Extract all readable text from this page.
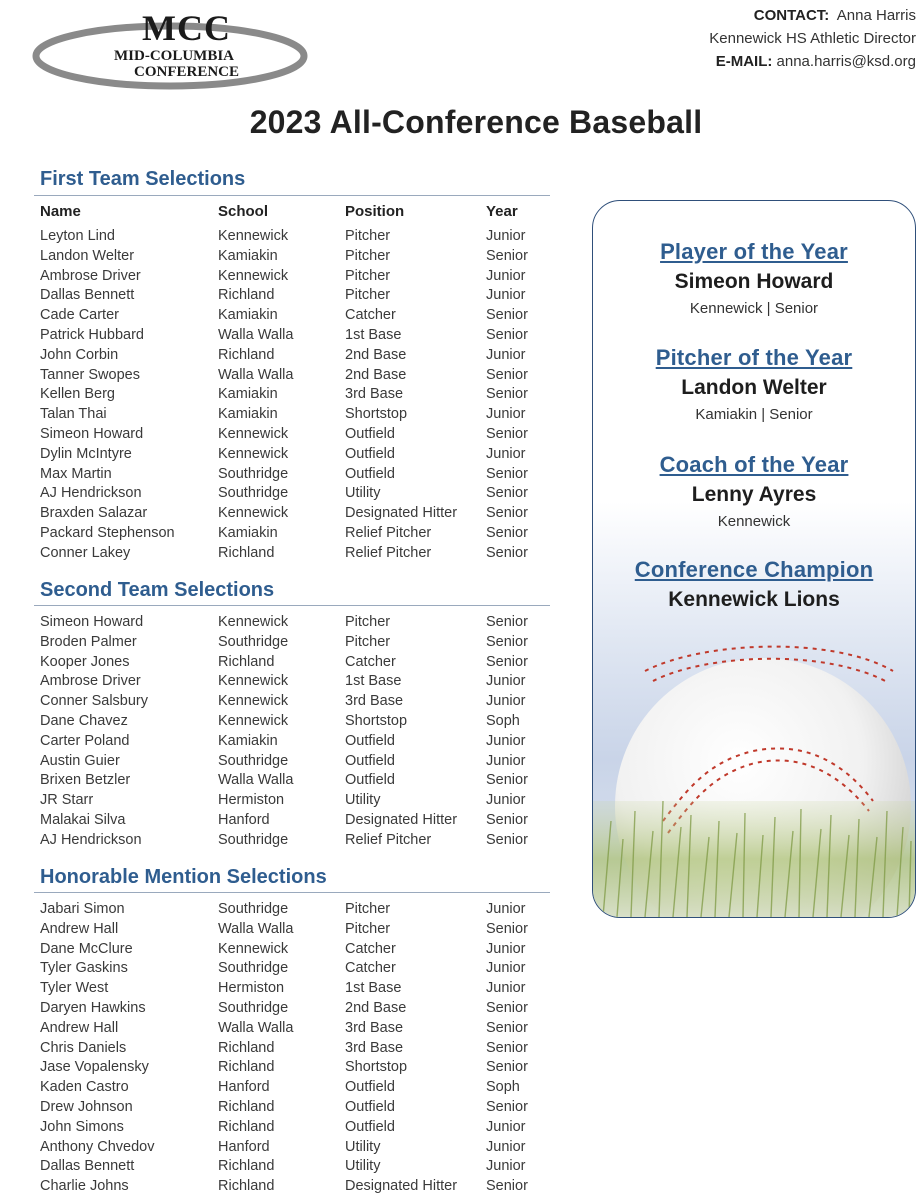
MCC
MID-COLUMBIA
CONFERENCE
CONTACT: Anna Harris
Kennewick HS Athletic Director
E-MAIL: anna.harris@ksd.org
2023 All-Conference Baseball
First Team Selections
Name	School	Position	Year
Leyton Lind	Kennewick	Pitcher	Junior
Landon Welter	Kamiakin	Pitcher	Senior
Ambrose Driver	Kennewick	Pitcher	Junior
Dallas Bennett	Richland	Pitcher	Junior
Cade Carter	Kamiakin	Catcher	Senior
Patrick Hubbard	Walla Walla	1st Base	Senior
John Corbin	Richland	2nd Base	Junior
Tanner Swopes	Walla Walla	2nd Base	Senior
Kellen Berg	Kamiakin	3rd Base	Senior
Talan Thai	Kamiakin	Shortstop	Junior
Simeon Howard	Kennewick	Outfield	Senior
Dylin McIntyre	Kennewick	Outfield	Junior
Max Martin	Southridge	Outfield	Senior
AJ Hendrickson	Southridge	Utility	Senior
Braxden Salazar	Kennewick	Designated Hitter Senior
Packard Stephenson	Kamiakin	Relief Pitcher	Senior
Conner Lakey	Richland	Relief Pitcher	Senior
Second Team Selections
Simeon Howard	Kennewick	Pitcher	Senior
Broden Palmer	Southridge	Pitcher	Senior
Kooper Jones	Richland	Catcher	Senior
Ambrose Driver	Kennewick	1st Base	Junior
Conner Salsbury	Kennewick	3rd Base	Junior
Dane Chavez	Kennewick	Shortstop	Soph
Carter Poland	Kamiakin	Outfield	Junior
Austin Guier	Southridge	Outfield	Junior
Brixen Betzler	Walla Walla	Outfield	Senior
JR Starr	Hermiston	Utility	Junior
Malakai Silva	Hanford	Designated Hitter Senior
AJ Hendrickson	Southridge	Relief Pitcher	Senior
Honorable Mention Selections
Jabari Simon	Southridge	Pitcher	Junior
Andrew Hall	Walla Walla	Pitcher	Senior
Dane McClure	Kennewick	Catcher	Junior
Tyler Gaskins	Southridge	Catcher	Junior
Tyler West	Hermiston	1st Base	Junior
Daryen Hawkins	Southridge	2nd Base	Senior
Andrew Hall	Walla Walla	3rd Base	Senior
Chris Daniels	Richland	3rd Base	Senior
Jase Vopalensky	Richland	Shortstop	Senior
Kaden Castro	Hanford	Outfield	Soph
Drew Johnson	Richland	Outfield	Senior
John Simons	Richland	Outfield	Junior
Anthony Chvedov	Hanford	Utility	Junior
Dallas Bennett	Richland	Utility	Junior
Charlie Johns	Richland	Designated Hitter Senior
Player of the Year
Simeon Howard
Kennewick | Senior
Pitcher of the Year
Landon Welter
Kamiakin | Senior
Coach of the Year
Lenny Ayres
Kennewick
Conference Champion
Kennewick Lions
